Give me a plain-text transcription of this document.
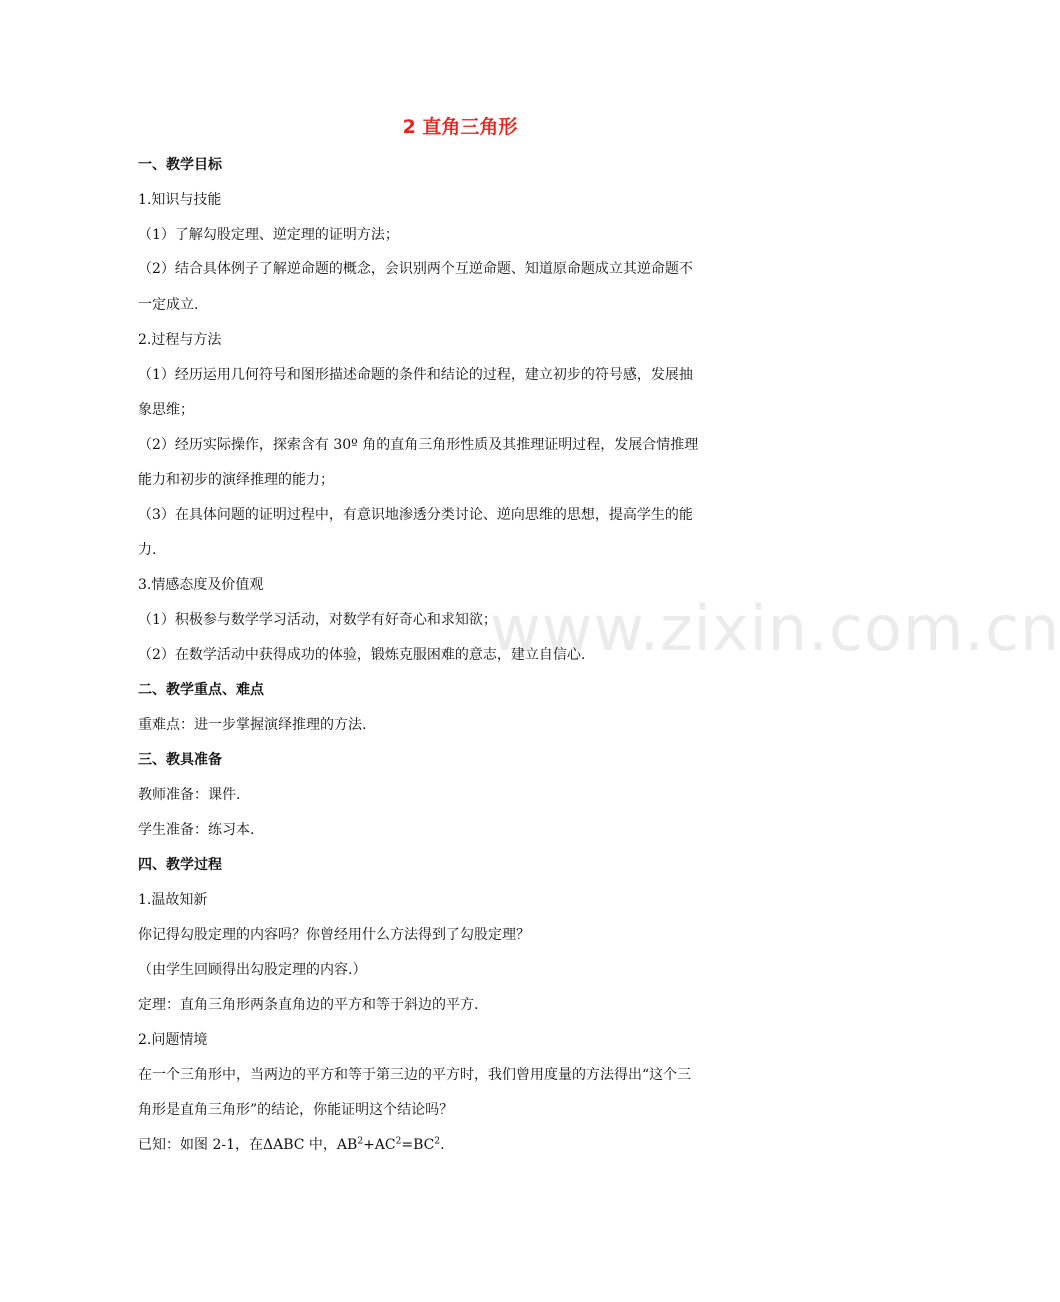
www.zixin.com.cn
2 直角三角形
一、教学目标
1.知识与技能
（1）了解勾股定理、逆定理的证明方法；
（2）结合具体例子了解逆命题的概念，会识别两个互逆命题、知道原命题成立其逆命题不
一定成立.
2.过程与方法
（1）经历运用几何符号和图形描述命题的条件和结论的过程，建立初步的符号感，发展抽
象思维；
（2）经历实际操作，探索含有 30º 角的直角三角形性质及其推理证明过程，发展合情推理
能力和初步的演绎推理的能力；
（3）在具体问题的证明过程中，有意识地渗透分类讨论、逆向思维的思想，提高学生的能
力.
3.情感态度及价值观
（1）积极参与数学学习活动，对数学有好奇心和求知欲；
（2）在数学活动中获得成功的体验，锻炼克服困难的意志，建立自信心.
二、教学重点、难点
重难点：进一步掌握演绎推理的方法.
三、教具准备
教师准备：课件.
学生准备：练习本.
四、教学过程
1.温故知新
你记得勾股定理的内容吗？你曾经用什么方法得到了勾股定理？
（由学生回顾得出勾股定理的内容.）
定理：直角三角形两条直角边的平方和等于斜边的平方.
2.问题情境
在一个三角形中，当两边的平方和等于第三边的平方时，我们曾用度量的方法得出“这个三
角形是直角三角形”的结论，你能证明这个结论吗？
已知：如图 2-1，在ΔABC 中，$AB^2+AC^2=BC^2$.
